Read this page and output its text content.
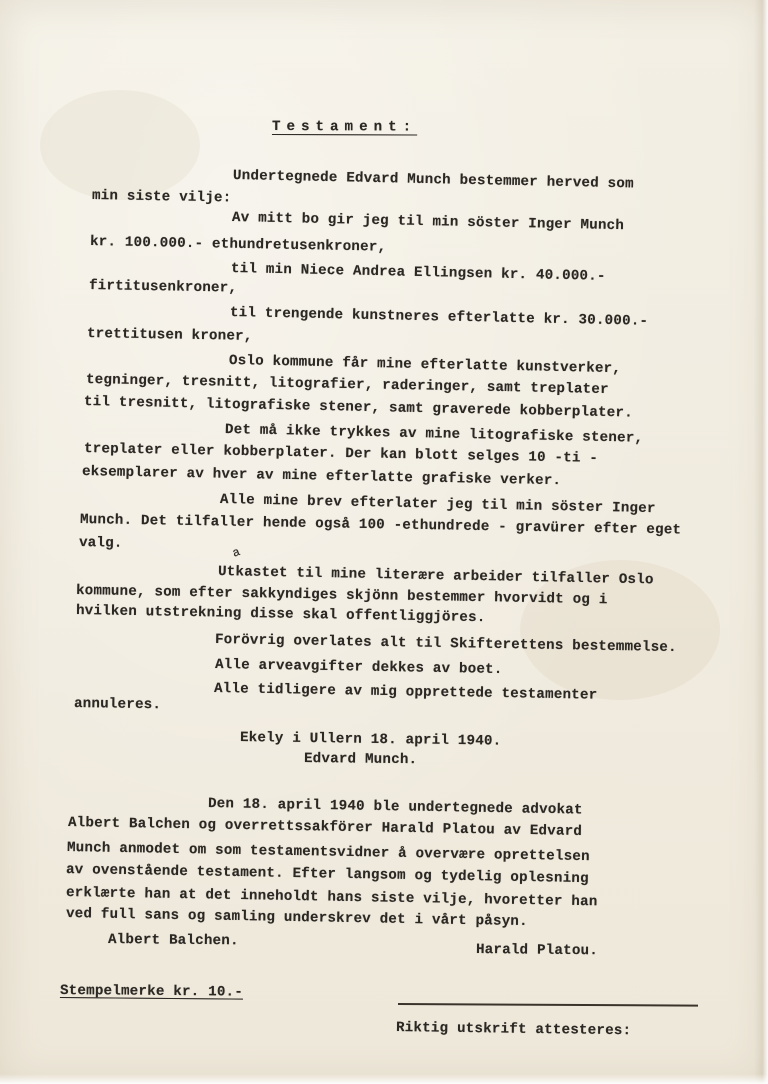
Testament:
Undertegnede Edvard Munch bestemmer herved som
min siste vilje:
Av mitt bo gir jeg til min söster Inger Munch
kr. 100.000.- ethundretusenkroner,
til min Niece Andrea Ellingsen kr. 40.000.-
firtitusenkroner,
til trengende kunstneres efterlatte kr. 30.000.-
trettitusen kroner,
Oslo kommune får mine efterlatte kunstverker,
tegninger, tresnitt, litografier, raderinger, samt treplater
til tresnitt, litografiske stener, samt graverede kobberplater.
Det må ikke trykkes av mine litografiske stener,
treplater eller kobberplater. Der kan blott selges 10 -ti -
eksemplarer av hver av mine efterlatte grafiske verker.
Alle mine brev efterlater jeg til min söster Inger
Munch. Det tilfaller hende også 100 -ethundrede - gravürer efter eget
valg.
a
Utkastet til mine literære arbeider tilfaller Oslo
kommune, som efter sakkyndiges skjönn bestemmer hvorvidt og i
hvilken utstrekning disse skal offentliggjöres.
Forövrig overlates alt til Skifterettens bestemmelse.
Alle arveavgifter dekkes av boet.
Alle tidligere av mig opprettede testamenter
annuleres.
Ekely i Ullern 18. april 1940.
Edvard Munch.
Den 18. april 1940 ble undertegnede advokat
Albert Balchen og overrettssakförer Harald Platou av Edvard
Munch anmodet om som testamentsvidner å overvære oprettelsen
av ovenstående testament. Efter langsom og tydelig oplesning
erklærte han at det inneholdt hans siste vilje, hvoretter han
ved full sans og samling underskrev det i vårt påsyn.
Albert Balchen.
Harald Platou.
Stempelmerke kr. 10.-
Riktig utskrift attesteres:
